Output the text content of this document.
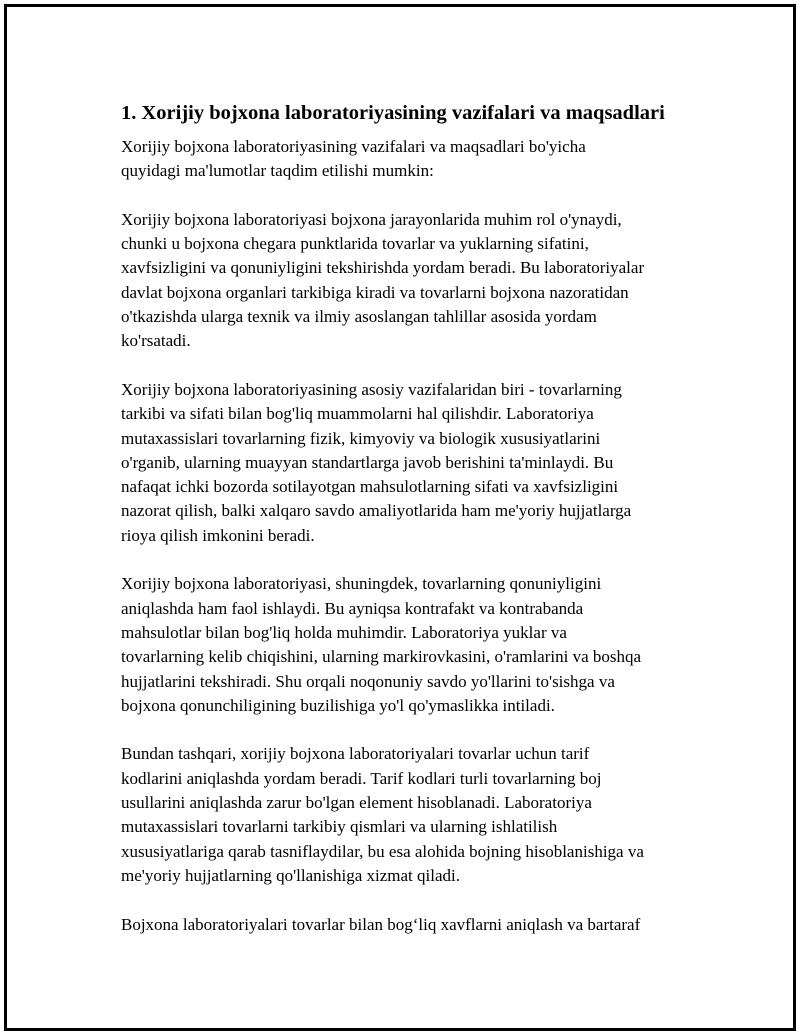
1. Xorijiy bojxona laboratoriyasining vazifalari va maqsadlari

Xorijiy bojxona laboratoriyasining vazifalari va maqsadlari bo'yicha
quyidagi ma'lumotlar taqdim etilishi mumkin:

Xorijiy bojxona laboratoriyasi bojxona jarayonlarida muhim rol o'ynaydi,
chunki u bojxona chegara punktlarida tovarlar va yuklarning sifatini,
xavfsizligini va qonuniyligini tekshirishda yordam beradi. Bu laboratoriyalar
davlat bojxona organlari tarkibiga kiradi va tovarlarni bojxona nazoratidan
o'tkazishda ularga texnik va ilmiy asoslangan tahlillar asosida yordam
ko'rsatadi.

Xorijiy bojxona laboratoriyasining asosiy vazifalaridan biri - tovarlarning
tarkibi va sifati bilan bog'liq muammolarni hal qilishdir. Laboratoriya
mutaxassislari tovarlarning fizik, kimyoviy va biologik xususiyatlarini
o'rganib, ularning muayyan standartlarga javob berishini ta'minlaydi. Bu
nafaqat ichki bozorda sotilayotgan mahsulotlarning sifati va xavfsizligini
nazorat qilish, balki xalqaro savdo amaliyotlarida ham me'yoriy hujjatlarga
rioya qilish imkonini beradi.

Xorijiy bojxona laboratoriyasi, shuningdek, tovarlarning qonuniyligini
aniqlashda ham faol ishlaydi. Bu ayniqsa kontrafakt va kontrabanda
mahsulotlar bilan bog'liq holda muhimdir. Laboratoriya yuklar va
tovarlarning kelib chiqishini, ularning markirovkasini, o'ramlarini va boshqa
hujjatlarini tekshiradi. Shu orqali noqonuniy savdo yo'llarini to'sishga va
bojxona qonunchiligining buzilishiga yo'l qo'ymaslikka intiladi.

Bundan tashqari, xorijiy bojxona laboratoriyalari tovarlar uchun tarif
kodlarini aniqlashda yordam beradi. Tarif kodlari turli tovarlarning boj
usullarini aniqlashda zarur bo'lgan element hisoblanadi. Laboratoriya
mutaxassislari tovarlarni tarkibiy qismlari va ularning ishlatilish
xususiyatlariga qarab tasniflaydilar, bu esa alohida bojning hisoblanishiga va
me'yoriy hujjatlarning qo'llanishiga xizmat qiladi.

Bojxona laboratoriyalari tovarlar bilan bog‘liq xavflarni aniqlash va bartaraf
